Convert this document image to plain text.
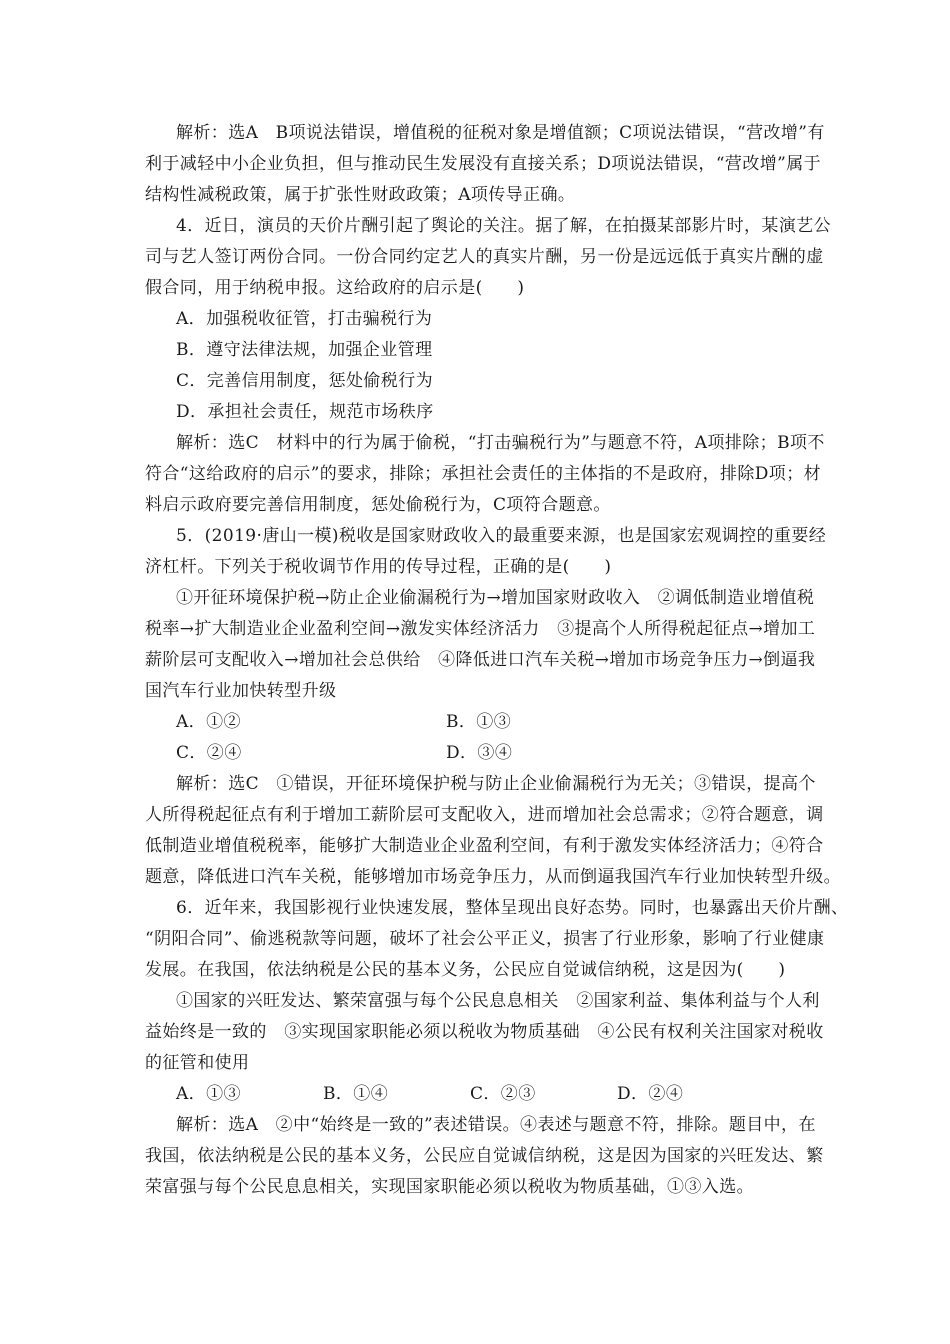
解析：选A　B项说法错误，增值税的征税对象是增值额；C项说法错误，“营改增”有
利于减轻中小企业负担，但与推动民生发展没有直接关系；D项说法错误，“营改增”属于
结构性减税政策，属于扩张性财政政策；A项传导正确。
4．近日，演员的天价片酬引起了舆论的关注。据了解，在拍摄某部影片时，某演艺公
司与艺人签订两份合同。一份合同约定艺人的真实片酬，另一份是远远低于真实片酬的虚
假合同，用于纳税申报。这给政府的启示是(　　)
A．加强税收征管，打击骗税行为
B．遵守法律法规，加强企业管理
C．完善信用制度，惩处偷税行为
D．承担社会责任，规范市场秩序
解析：选C　材料中的行为属于偷税，“打击骗税行为”与题意不符，A项排除；B项不
符合“这给政府的启示”的要求，排除；承担社会责任的主体指的不是政府，排除D项；材
料启示政府要完善信用制度，惩处偷税行为，C项符合题意。
5．(2019·唐山一模)税收是国家财政收入的最重要来源，也是国家宏观调控的重要经
济杠杆。下列关于税收调节作用的传导过程，正确的是(　　)
①开征环境保护税→防止企业偷漏税行为→增加国家财政收入　②调低制造业增值税
税率→扩大制造业企业盈利空间→激发实体经济活力　③提高个人所得税起征点→增加工
薪阶层可支配收入→增加社会总供给　④降低进口汽车关税→增加市场竞争压力→倒逼我
国汽车行业加快转型升级
A．①②	B．①③
C．②④	D．③④
解析：选C　①错误，开征环境保护税与防止企业偷漏税行为无关；③错误，提高个
人所得税起征点有利于增加工薪阶层可支配收入，进而增加社会总需求；②符合题意，调
低制造业增值税税率，能够扩大制造业企业盈利空间，有利于激发实体经济活力；④符合
题意，降低进口汽车关税，能够增加市场竞争压力，从而倒逼我国汽车行业加快转型升级。
6．近年来，我国影视行业快速发展，整体呈现出良好态势。同时，也暴露出天价片酬、
“阴阳合同”、偷逃税款等问题，破坏了社会公平正义，损害了行业形象，影响了行业健康
发展。在我国，依法纳税是公民的基本义务，公民应自觉诚信纳税，这是因为(　　)
①国家的兴旺发达、繁荣富强与每个公民息息相关　②国家利益、集体利益与个人利
益始终是一致的　③实现国家职能必须以税收为物质基础　④公民有权利关注国家对税收
的征管和使用
A．①③	B．①④	C．②③	D．②④
解析：选A　②中“始终是一致的”表述错误。④表述与题意不符，排除。题目中，在
我国，依法纳税是公民的基本义务，公民应自觉诚信纳税，这是因为国家的兴旺发达、繁
荣富强与每个公民息息相关，实现国家职能必须以税收为物质基础，①③入选。
